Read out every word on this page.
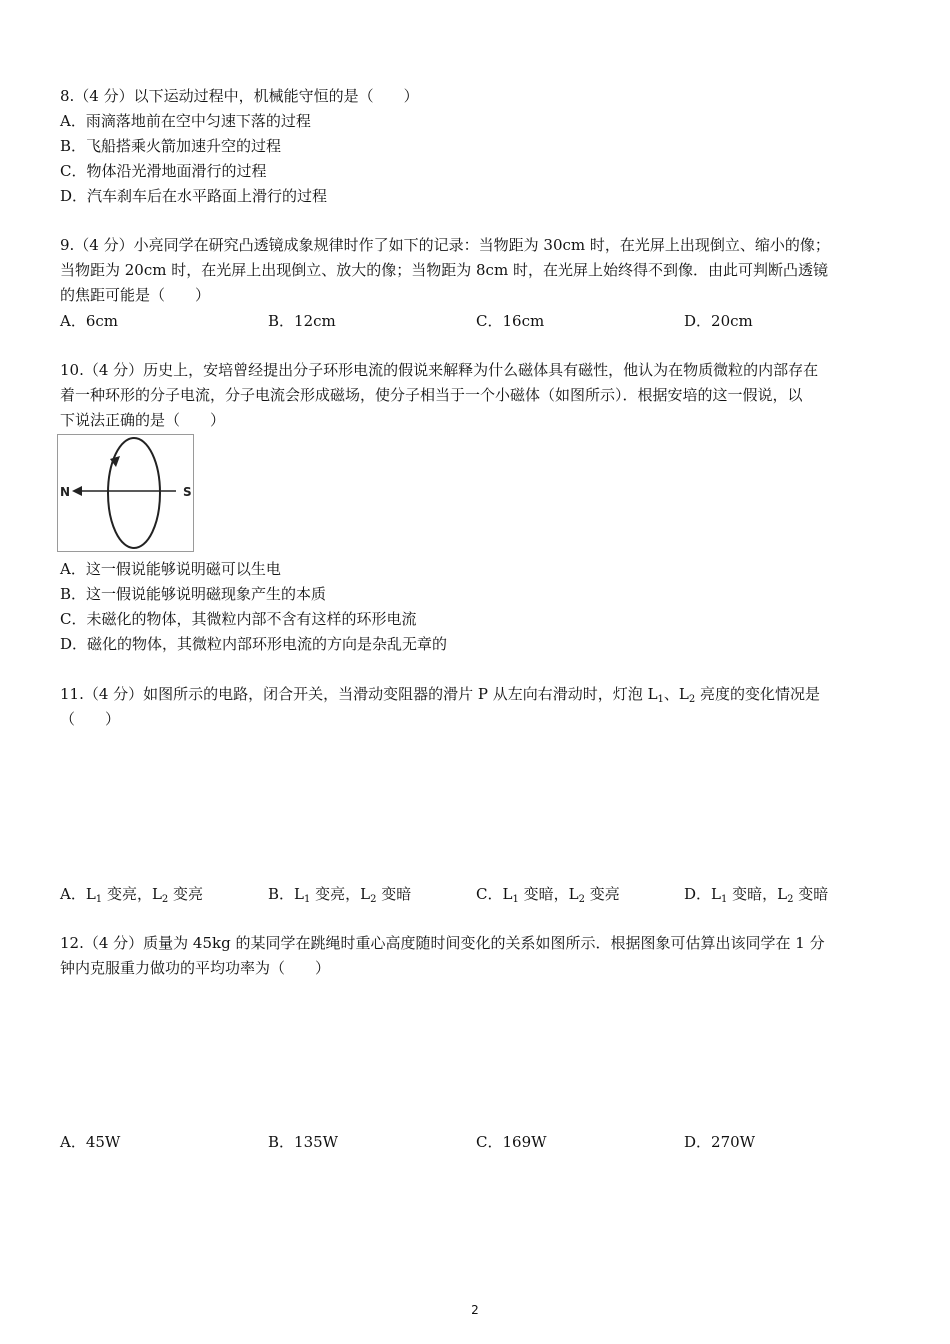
8.（4 分）以下运动过程中，机械能守恒的是（　　）
A．雨滴落地前在空中匀速下落的过程
B．飞船搭乘火箭加速升空的过程
C．物体沿光滑地面滑行的过程
D．汽车刹车后在水平路面上滑行的过程
9.（4 分）小亮同学在研究凸透镜成象规律时作了如下的记录：当物距为 30cm 时，在光屏上出现倒立、缩小的像；
当物距为 20cm 时，在光屏上出现倒立、放大的像；当物距为 8cm 时，在光屏上始终得不到像．由此可判断凸透镜
的焦距可能是（　　）
A．6cm	B．12cm	C．16cm	D．20cm
10.（4 分）历史上，安培曾经提出分子环形电流的假说来解释为什么磁体具有磁性，他认为在物质微粒的内部存在
着一种环形的分子电流，分子电流会形成磁场，使分子相当于一个小磁体（如图所示）．根据安培的这一假说，以
下说法正确的是（　　）
N	S
A．这一假说能够说明磁可以生电
B．这一假说能够说明磁现象产生的本质
C．未磁化的物体，其微粒内部不含有这样的环形电流
D．磁化的物体，其微粒内部环形电流的方向是杂乱无章的
11.（4 分）如图所示的电路，闭合开关，当滑动变阻器的滑片 P 从左向右滑动时，灯泡 $L_1$、$L_2$ 亮度的变化情况是
（　　）
A．$L_1$ 变亮，$L_2$ 变亮	B．$L_1$ 变亮，$L_2$ 变暗	C．$L_1$ 变暗，$L_2$ 变亮	D．$L_1$ 变暗，$L_2$ 变暗
12.（4 分）质量为 45kg 的某同学在跳绳时重心高度随时间变化的关系如图所示．根据图象可估算出该同学在 1 分
钟内克服重力做功的平均功率为（　　）
A．45W	B．135W	C．169W	D．270W
2
